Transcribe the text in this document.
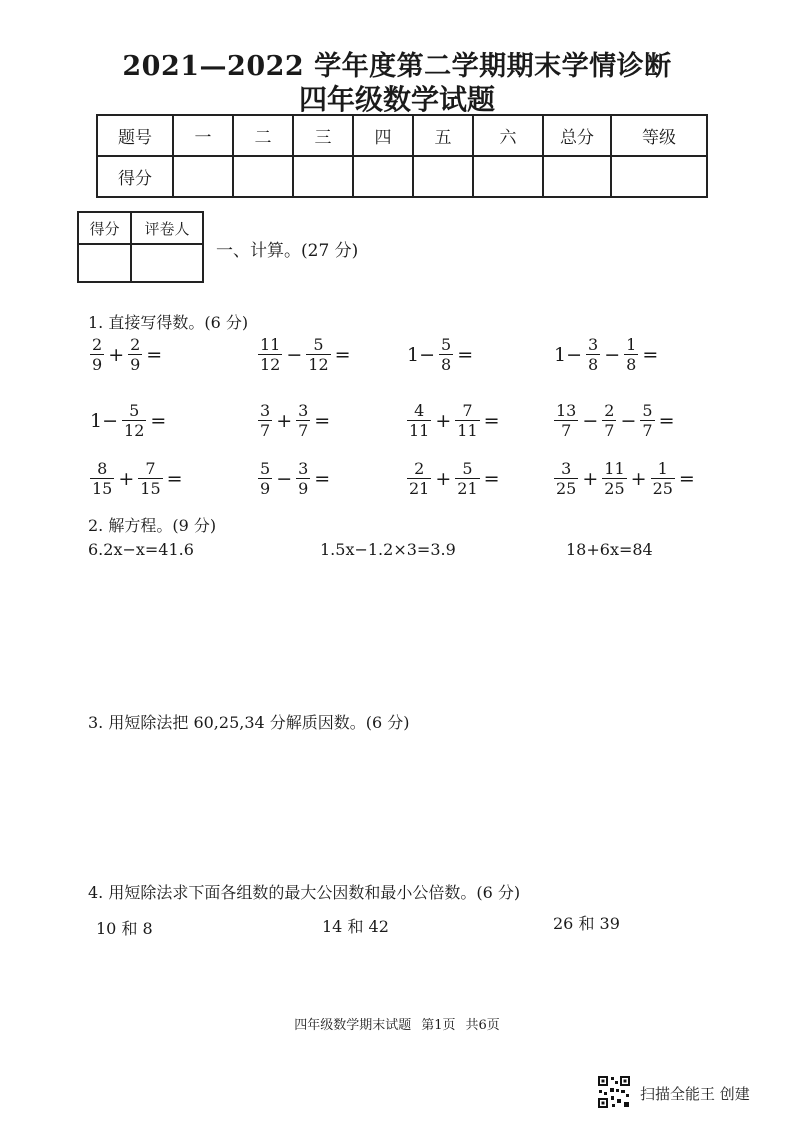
2021—2022 学年度第二学期期末学情诊断
四年级数学试题
题号	一	二	三	四	五	六	总分	等级
得分								
得分	评卷人

一、计算。(27 分)
1. 直接写得数。(6 分)
$\frac{2}{9} + \frac{2}{9}$ =	$\frac{11}{12} - \frac{5}{12}$ =	$1- \frac{5}{8}$ =	$1- \frac{3}{8} - \frac{1}{8}$ =
$1- \frac{5}{12}$ =	$\frac{3}{7} + \frac{3}{7}$ =	$\frac{4}{11} + \frac{7}{11}$ =	$\frac{13}{7} - \frac{2}{7} - \frac{5}{7}$ =
$\frac{8}{15} + \frac{7}{15}$ =	$\frac{5}{9} - \frac{3}{9}$ =	$\frac{2}{21} + \frac{5}{21}$ =	$\frac{3}{25} + \frac{11}{25} + \frac{1}{25}$ =
2. 解方程。(9 分)
6.2x−x=41.6	1.5x−1.2×3=3.9	18+6x=84
3. 用短除法把 60,25,34 分解质因数。(6 分)
4. 用短除法求下面各组数的最大公因数和最小公倍数。(6 分)
10 和 8	14 和 42	26 和 39
四年级数学期末试题 第1页 共6页
扫描全能王 创建
